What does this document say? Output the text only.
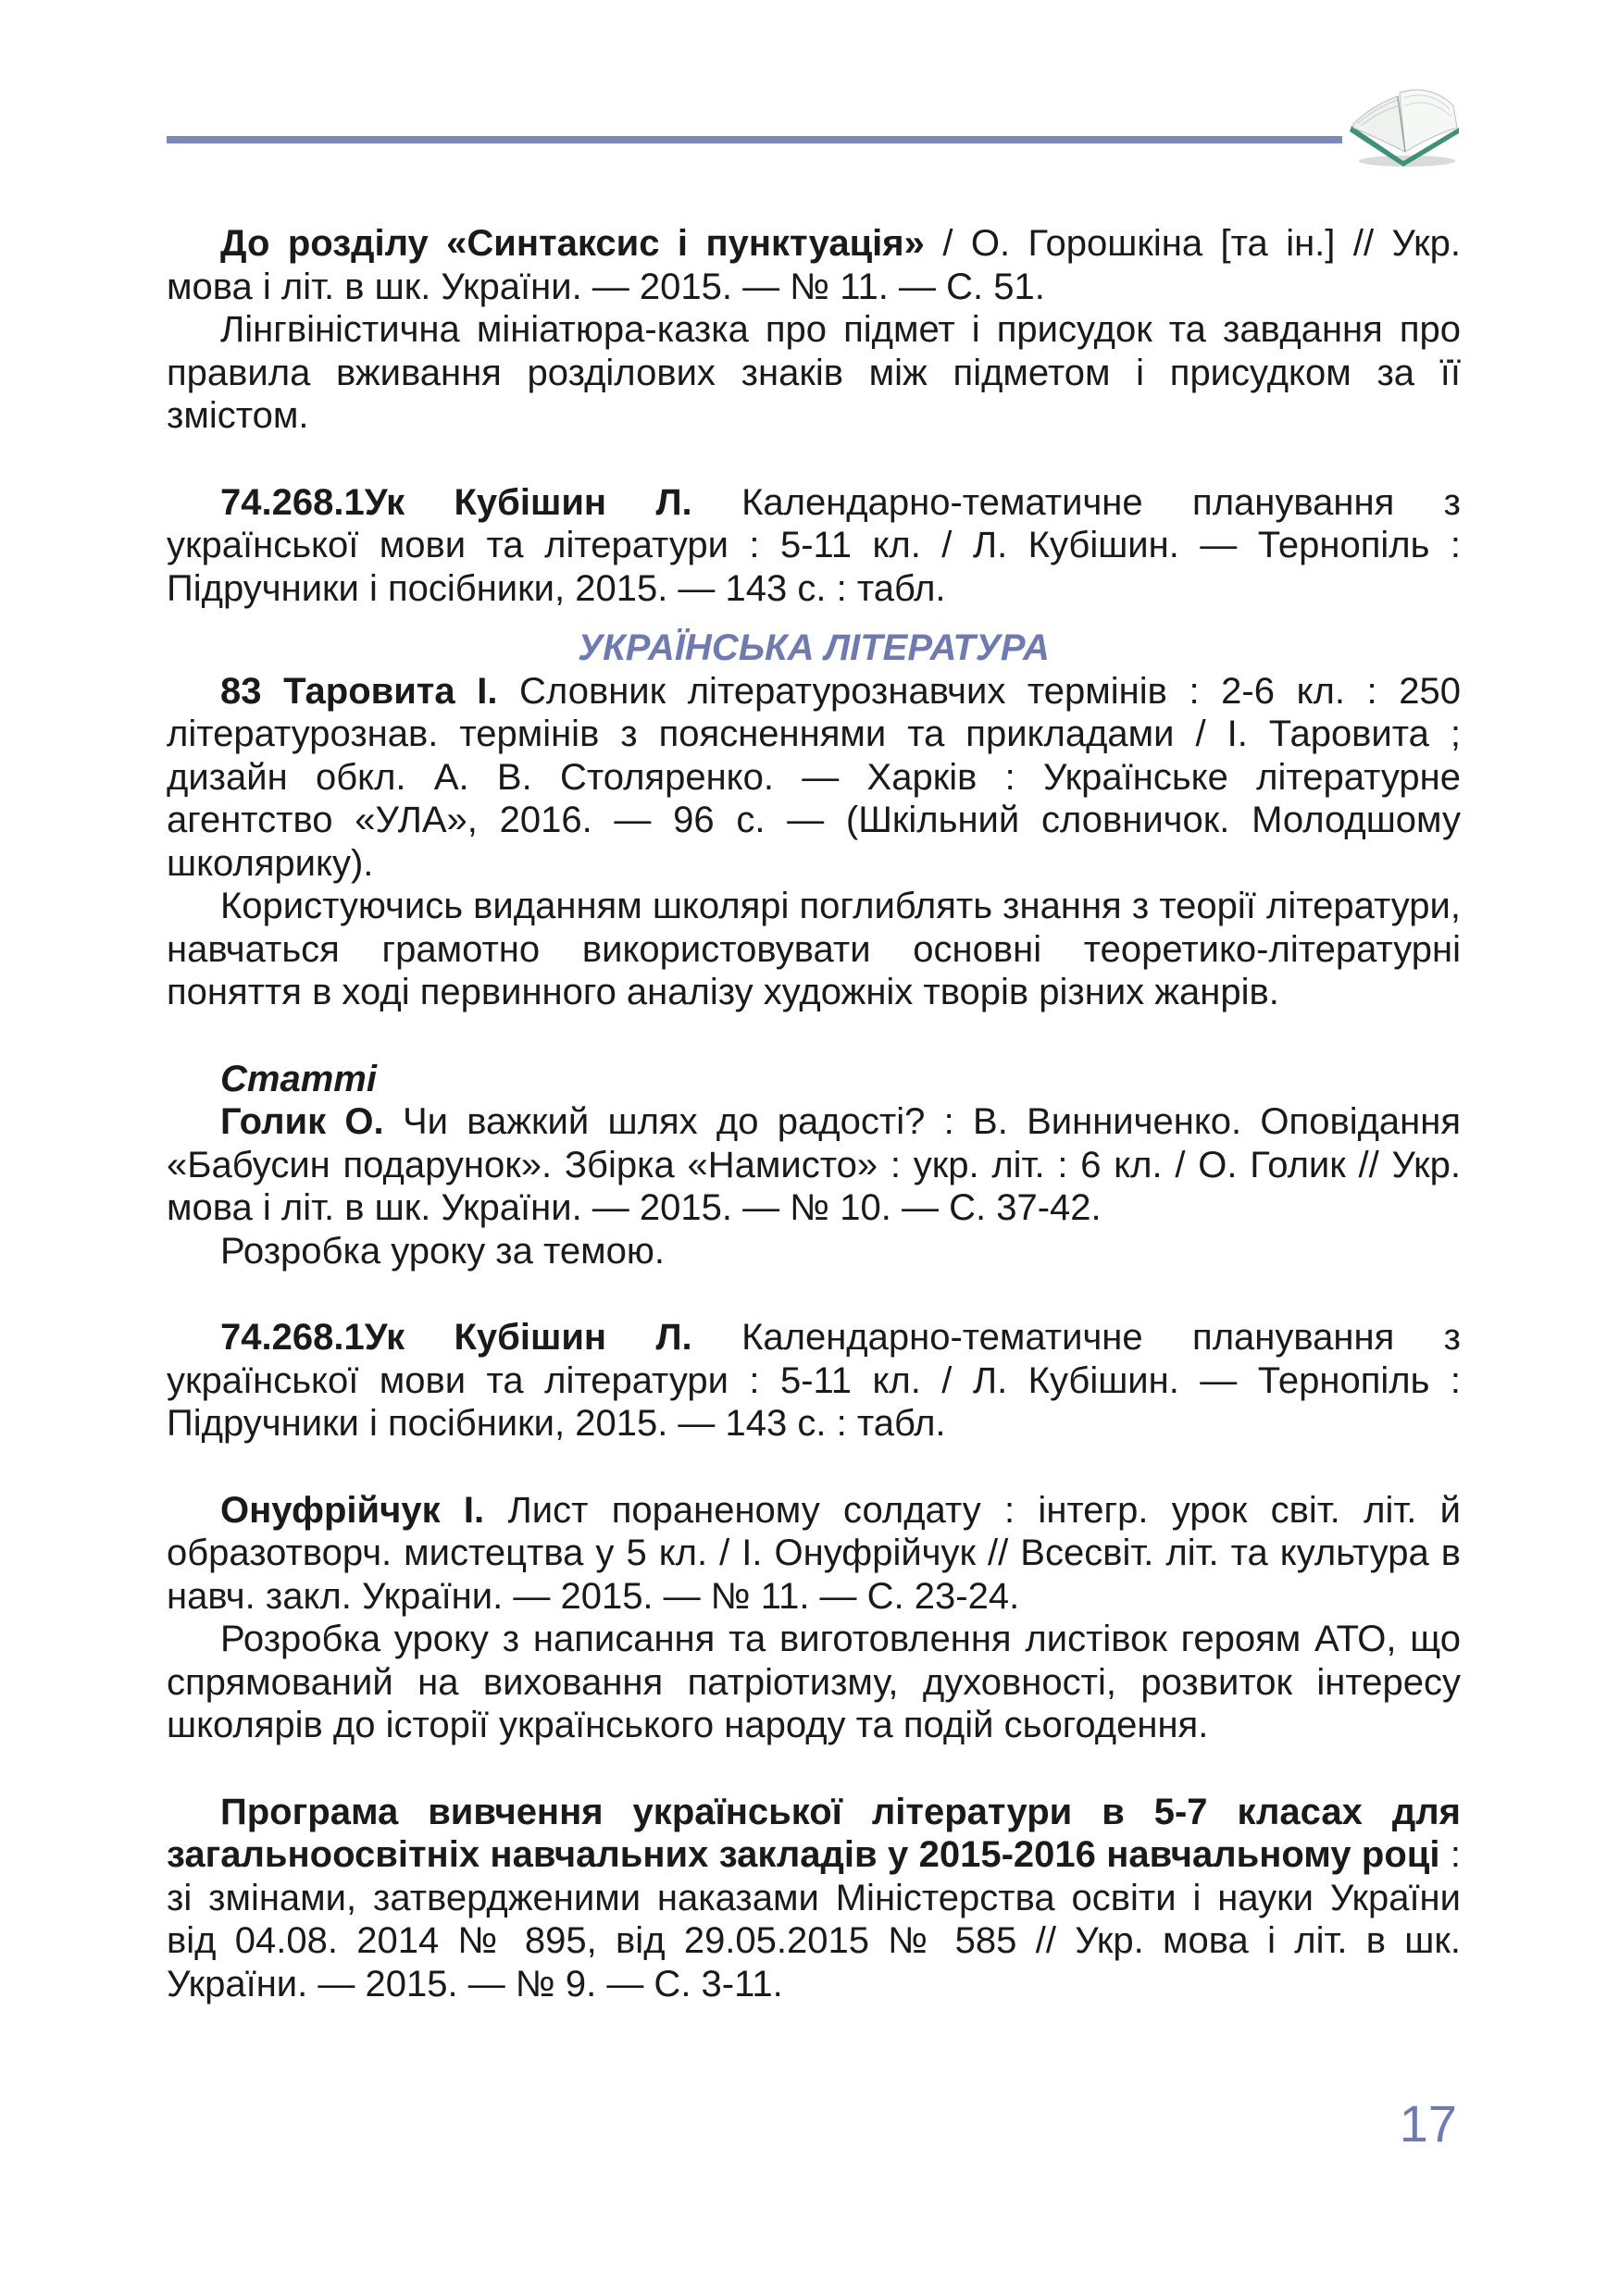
До розділу «Синтаксис і пунктуація» / О. Горошкіна [та ін.] // Укр. мова і літ. в шк. України. — 2015. — № 11. — С. 51.

Лінгвіністична мініатюра-казка про підмет і присудок та завдання про правила вживання розділових знаків між підметом і присудком за її змістом.

74.268.1Ук Кубішин Л. Календарно-тематичне планування з української мови та літератури : 5-11 кл. / Л. Кубішин. — Тернопіль : Підручники і посібники, 2015. — 143 с. : табл.

УКРАЇНСЬКА ЛІТЕРАТУРА

83 Таровита І. Словник літературознавчих термінів : 2-6 кл. : 250 літературознав. термінів з поясненнями та прикладами / І. Таровита ; дизайн обкл. А. В. Столяренко. — Харків : Українське літературне агентство «УЛА», 2016. — 96 с. — (Шкільний словничок. Молодшому школярику).

Користуючись виданням школярі поглиблять знання з теорії літератури, навчаться грамотно використовувати основні теоретико-літературні поняття в ході первинного аналізу художніх творів різних жанрів.

Статті

Голик О. Чи важкий шлях до радості? : В. Винниченко. Оповідання «Бабусин подарунок». Збірка «Намисто» : укр. літ. : 6 кл. / О. Голик // Укр. мова і літ. в шк. України. — 2015. — № 10. — С. 37-42.

Розробка уроку за темою.

74.268.1Ук Кубішин Л. Календарно-тематичне планування з української мови та літератури : 5-11 кл. / Л. Кубішин. — Тернопіль : Підручники і посібники, 2015. — 143 с. : табл.

Онуфрійчук І. Лист пораненому солдату : інтегр. урок світ. літ. й образотворч. мистецтва у 5 кл. / І. Онуфрійчук // Всесвіт. літ. та культура в навч. закл. України. — 2015. — № 11. — С. 23-24.

Розробка уроку з написання та виготовлення листівок героям АТО, що спрямований на виховання патріотизму, духовності, розвиток інтересу школярів до історії українського народу та подій сьогодення.

Програма вивчення української літератури в 5-7 класах для загальноосвітніх навчальних закладів у 2015-2016 навчальному році : зі змінами, затвердженими наказами Міністерства освіти і науки України від 04.08. 2014 № 895, від 29.05.2015 № 585 // Укр. мова і літ. в шк. України. — 2015. — № 9. — С. 3-11.

17
